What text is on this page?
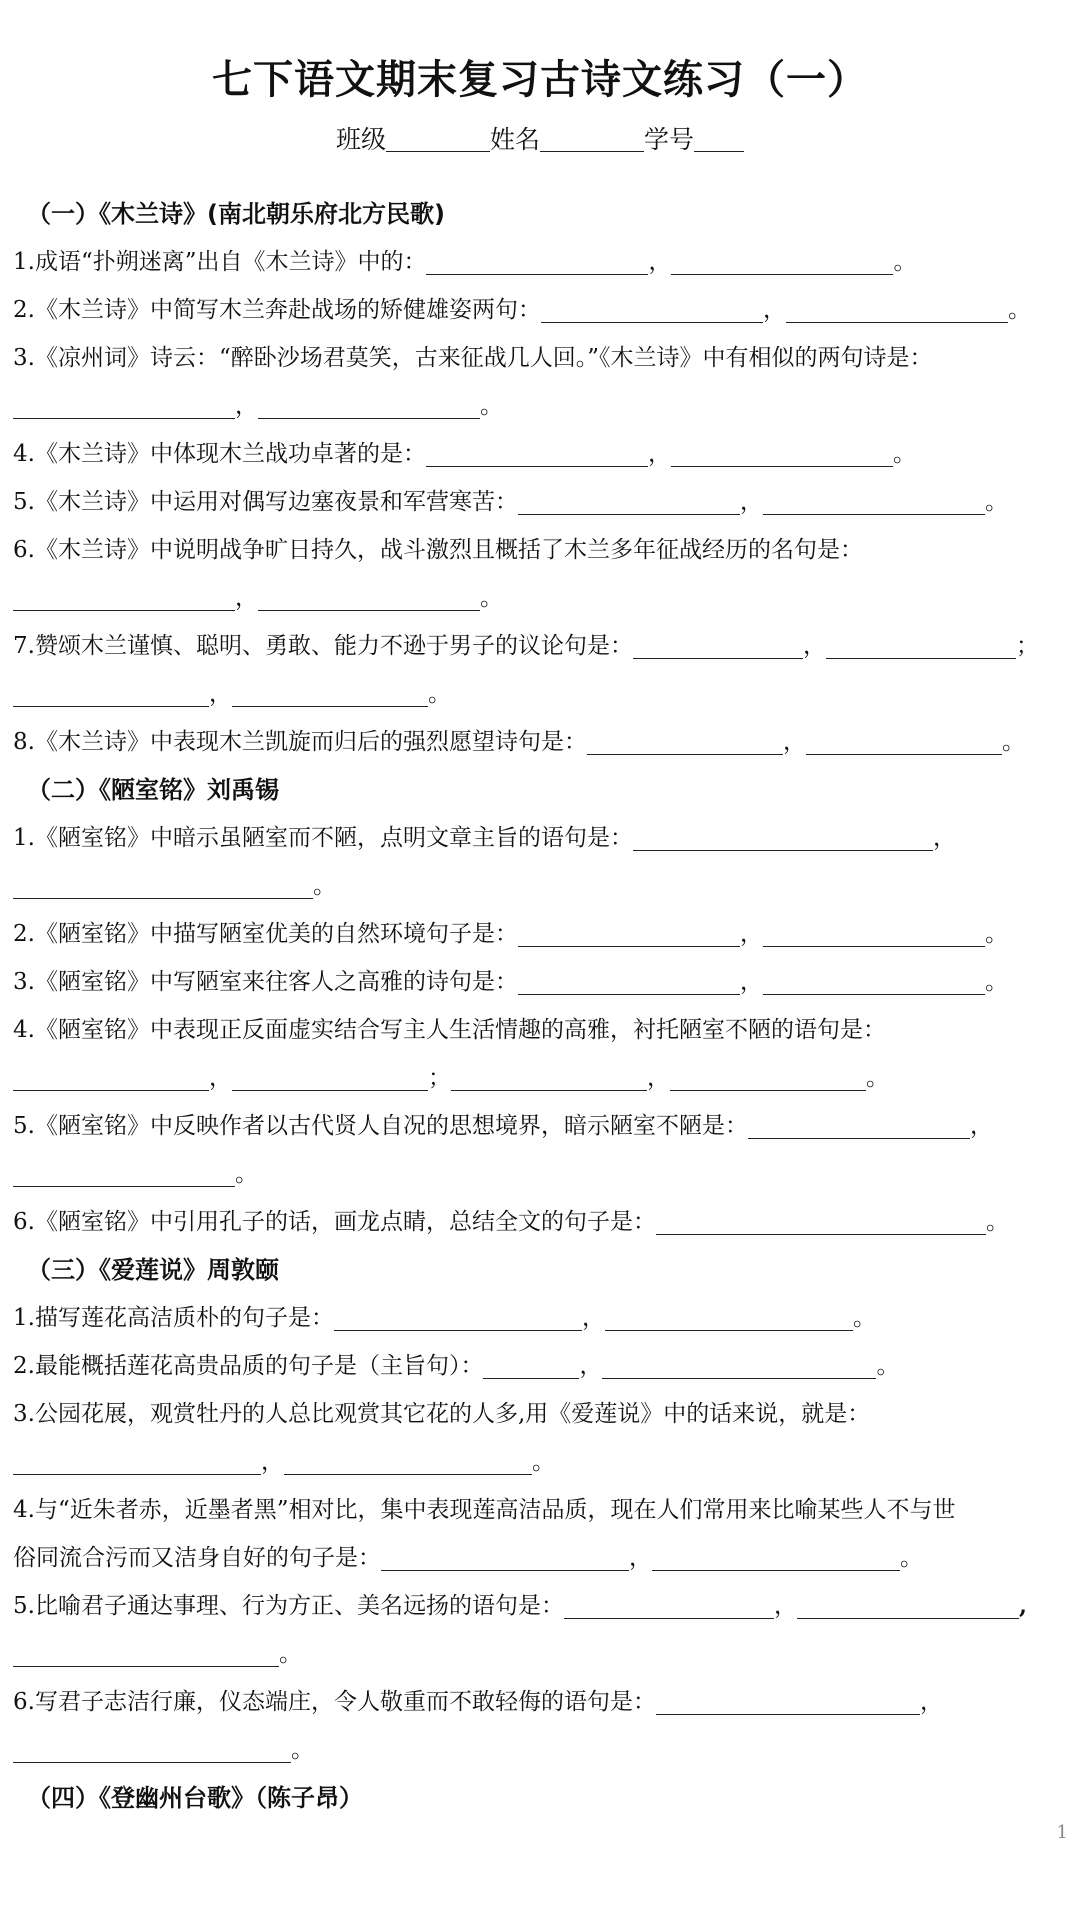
七下语文期末复习古诗文练习（一）
班级	姓名	学号
（一）《木兰诗》(南北朝乐府北方民歌)
1.成语“扑朔迷离”出自《木兰诗》中的：	，	。
2.《木兰诗》中简写木兰奔赴战场的矫健雄姿两句：	，	。
3.《凉州词》诗云：“醉卧沙场君莫笑，古来征战几人回。”《木兰诗》中有相似的两句诗是：
，	。
4.《木兰诗》中体现木兰战功卓著的是：	，	。
5.《木兰诗》中运用对偶写边塞夜景和军营寒苦：	，	。
6.《木兰诗》中说明战争旷日持久，战斗激烈且概括了木兰多年征战经历的名句是：
，	。
7.赞颂木兰谨慎、聪明、勇敢、能力不逊于男子的议论句是：	，	；
，	。
8.《木兰诗》中表现木兰凯旋而归后的强烈愿望诗句是：	，	。
（二）《陋室铭》刘禹锡
1.《陋室铭》中暗示虽陋室而不陋，点明文章主旨的语句是：	，
。
2.《陋室铭》中描写陋室优美的自然环境句子是：	，	。
3.《陋室铭》中写陋室来往客人之高雅的诗句是：	，	。
4.《陋室铭》中表现正反面虚实结合写主人生活情趣的高雅，衬托陋室不陋的语句是：
，	；	，	。
5.《陋室铭》中反映作者以古代贤人自况的思想境界，暗示陋室不陋是：	，
。
6.《陋室铭》中引用孔子的话，画龙点睛，总结全文的句子是：	。
（三）《爱莲说》周敦颐
1.描写莲花高洁质朴的句子是：	，	。
2.最能概括莲花高贵品质的句子是（主旨句）：	，	。
3.公园花展，观赏牡丹的人总比观赏其它花的人多,用《爱莲说》中的话来说，就是：
，	。
4.与“近朱者赤，近墨者黑”相对比，集中表现莲高洁品质，现在人们常用来比喻某些人不与世
俗同流合污而又洁身自好的句子是：	，	。
5.比喻君子通达事理、行为方正、美名远扬的语句是：	，	,
。
6.写君子志洁行廉，仪态端庄，令人敬重而不敢轻侮的语句是：	，
。
（四）《登幽州台歌》（陈子昂）
1
